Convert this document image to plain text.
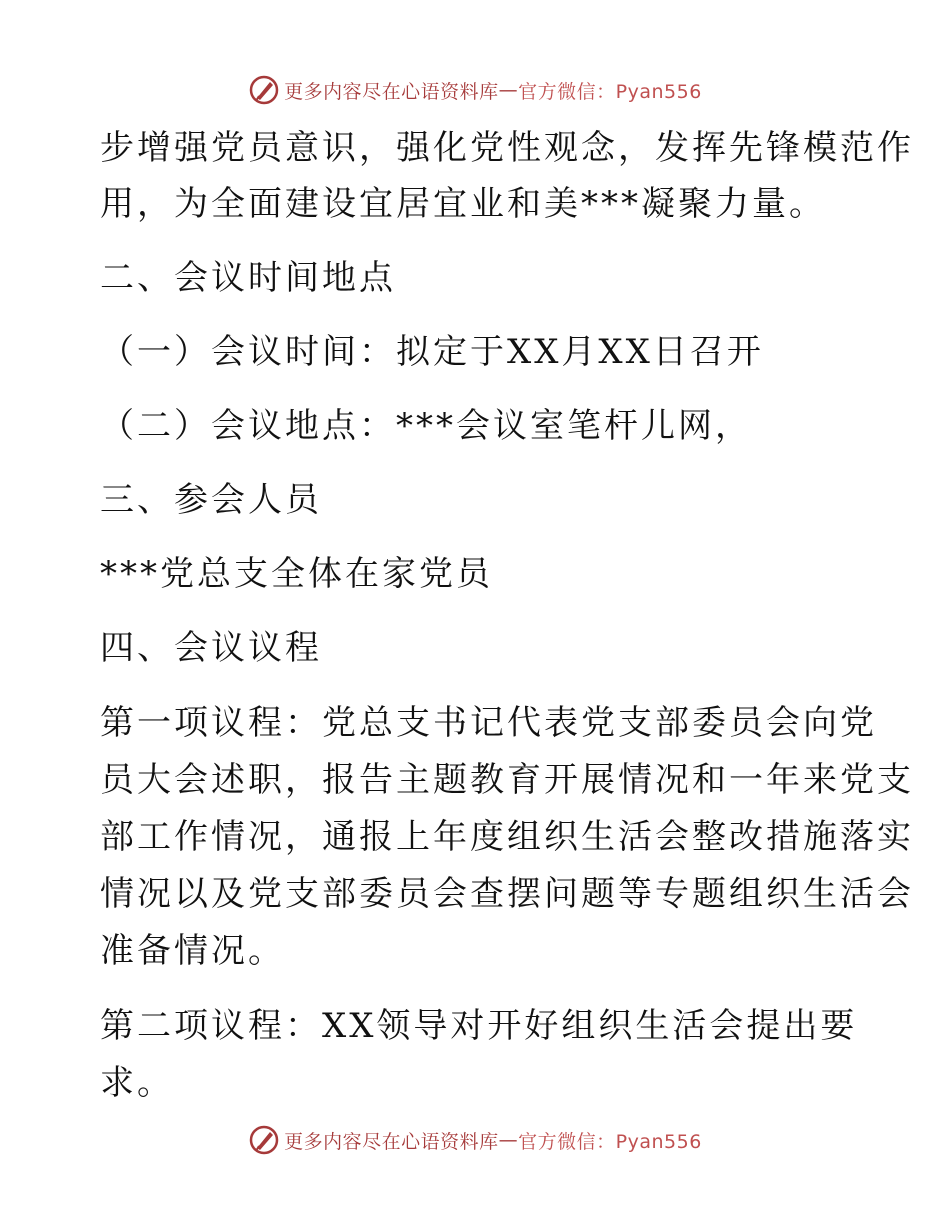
更多内容尽在心语资料库 — 官方微信：Pyan556
步增强党员意识，强化党性观念，发挥先锋模范作
用，为全面建设宜居宜业和美***凝聚力量。
二、会议时间地点
（一）会议时间：拟定于XX月XX日召开
（二）会议地点：***会议室笔杆儿网，
三、参会人员
***党总支全体在家党员
四、会议议程
第一项议程：党总支书记代表党支部委员会向党
员大会述职，报告主题教育开展情况和一年来党支
部工作情况，通报上年度组织生活会整改措施落实
情况以及党支部委员会查摆问题等专题组织生活会
准备情况。
第二项议程：XX领导对开好组织生活会提出要
求。
更多内容尽在心语资料库 — 官方微信：Pyan556
